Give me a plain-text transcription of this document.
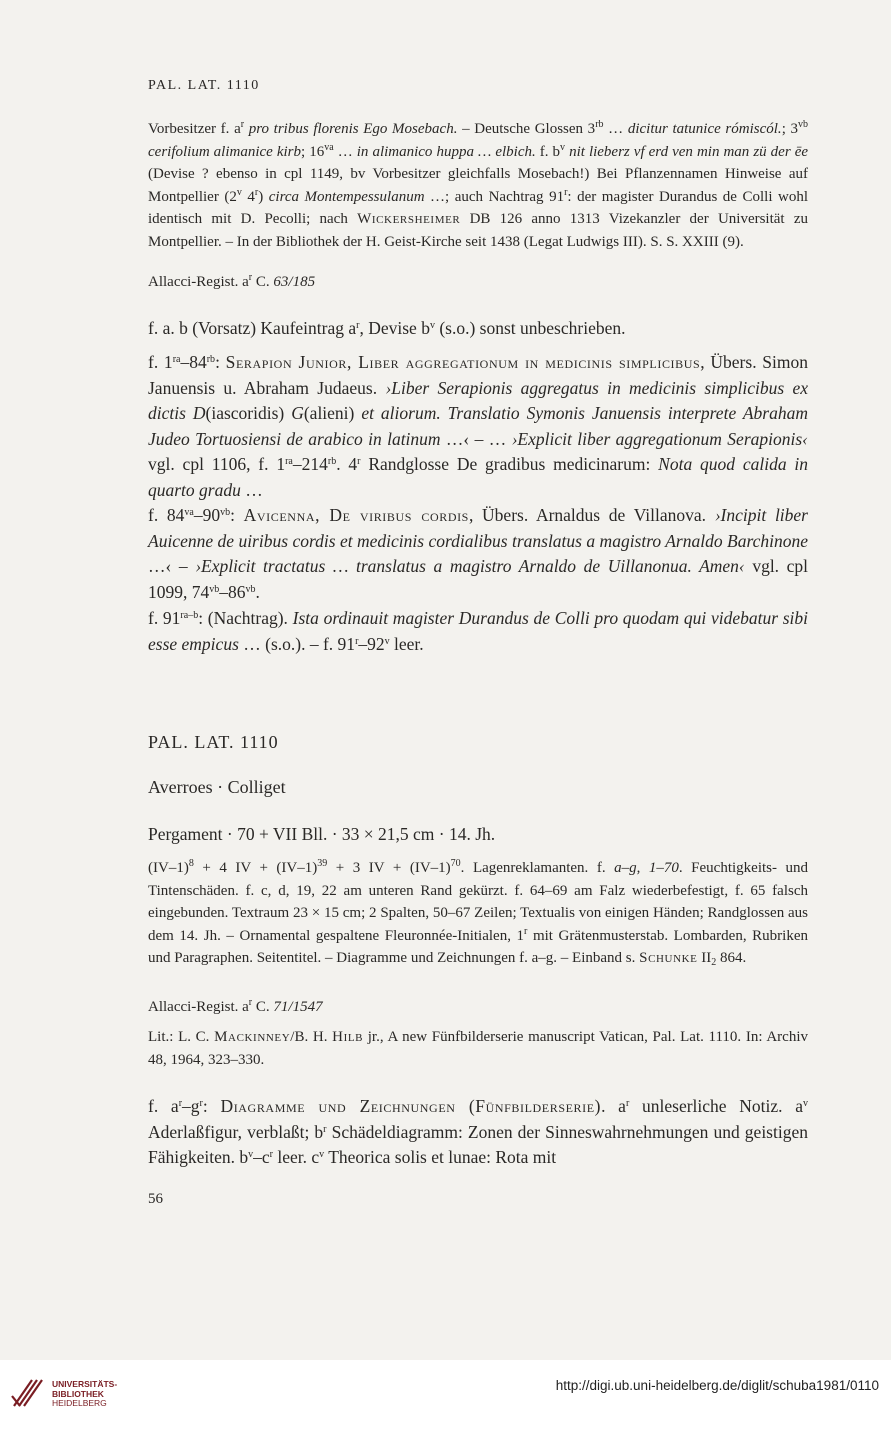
PAL. LAT. 1110

Vorbesitzer f. $a^r$ pro tribus florenis Ego Mosebach. – Deutsche Glossen $3^{rb}$ … dicitur tatunice rómiscól.; $3^{vb}$ cerifolium alimanice kirb; $16^{va}$ … in alimanico huppa … elbich. f. $b^v$ nit lieberz vf erd ven min man zü der ēe (Devise ? ebenso in cpl 1149, bv Vorbesitzer gleichfalls Mosebach!) Bei Pflanzennamen Hinweise auf Montpellier (2$^v$ 4$^r$) circa Montempessulanum …; auch Nachtrag 91$^r$: der magister Durandus de Colli wohl identisch mit D. Pecolli; nach Wickersheimer DB 126 anno 1313 Vizekanzler der Universität zu Montpellier. – In der Bibliothek der H. Geist-Kirche seit 1438 (Legat Ludwigs III). S. S. XXIII (9).

Allacci-Regist. $a^r$ C. 63/185

f. a. b (Vorsatz) Kaufeintrag $a^r$, Devise $b^v$ (s.o.) sonst unbeschrieben.

f. $1^{ra}-84^{rb}$: Serapion Junior, Liber aggregationum in medicinis simplicibus, Übers. Simon Januensis u. Abraham Judaeus. ›Liber Serapionis aggregatus in medicinis simplicibus ex dictis D(iascoridis) G(alieni) et aliorum. Translatio Symonis Januensis interprete Abraham Judeo Tortuosiensi de arabico in latinum …‹ – … ›Explicit liber aggregationum Serapionis‹ vgl. cpl 1106, f. $1^{ra}-214^{rb}$. 4$^r$ Randglosse De gradibus medicinarum: Nota quod calida in quarto gradu …

f. $84^{va}-90^{vb}$: Avicenna, De viribus cordis, Übers. Arnaldus de Villanova. ›Incipit liber Auicenne de uiribus cordis et medicinis cordialibus translatus a magistro Arnaldo Barchinone …‹ – ›Explicit tractatus … translatus a magistro Arnaldo de Uillanonua. Amen‹ vgl. cpl 1099, $74^{vb}-86^{vb}$.

f. $91^{ra-b}$: (Nachtrag). Ista ordinauit magister Durandus de Colli pro quodam qui videbatur sibi esse empicus … (s.o.). – f. 91$^r$–92$^v$ leer.

PAL. LAT. 1110

Averroes · Colliget

Pergament · 70 + VII Bll. · 33 × 21,5 cm · 14. Jh.

$(IV-1)^8 + 4$ IV + $(IV-1)^{39} + 3$ IV + $(IV-1)^{70}$. Lagenreklamanten. f. a–g, 1–70. Feuchtigkeits- und Tintenschäden. f. c, d, 19, 22 am unteren Rand gekürzt. f. 64–69 am Falz wiederbefestigt, f. 65 falsch eingebunden. Textraum 23 × 15 cm; 2 Spalten, 50–67 Zeilen; Textualis von einigen Händen; Randglossen aus dem 14. Jh. – Ornamental gespaltene Fleuronnée-Initialen, 1$^r$ mit Grätenmusterstab. Lombarden, Rubriken und Paragraphen. Seitentitel. – Diagramme und Zeichnungen f. a–g. – Einband s. Schunke $II_2$ 864.

Allacci-Regist. $a^r$ C. 71/1547

Lit.: L. C. Mackinney/B. H. Hilb jr., A new Fünfbilderserie manuscript Vatican, Pal. Lat. 1110. In: Archiv 48, 1964, 323–330.

f. $a^r-g^r$: Diagramme und Zeichnungen (Fünfbilderserie). $a^r$ unleserliche Notiz. $a^v$ Aderlaßfigur, verblaßt; $b^r$ Schädeldiagramm: Zonen der Sinneswahrnehmungen und geistigen Fähigkeiten. $b^v-c^r$ leer. $c^v$ Theorica solis et lunae: Rota mit

56

UNIVERSITÄTS-
BIBLIOTHEK
HEIDELBERG
http://digi.ub.uni-heidelberg.de/diglit/schuba1981/0110
